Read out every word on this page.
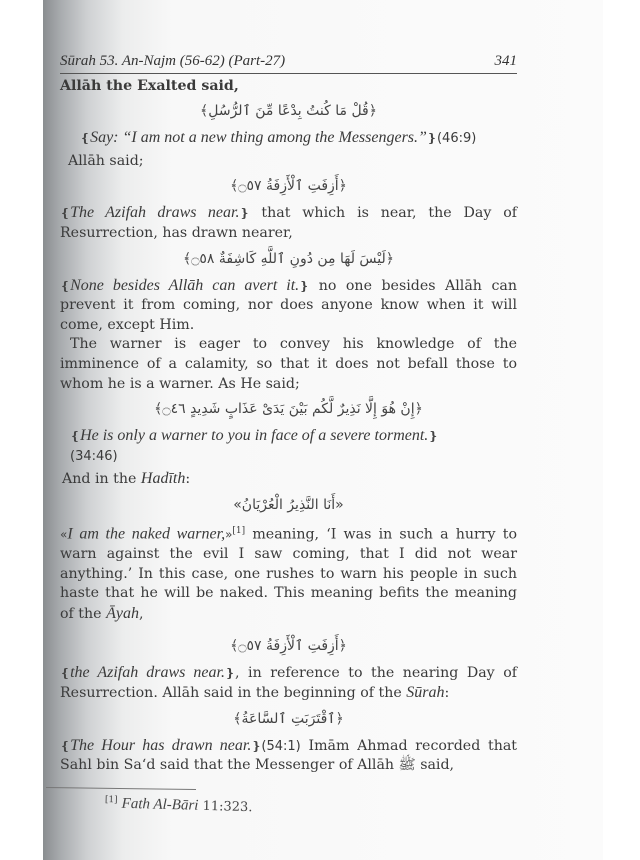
Sūrah 53. An-Najm (56-62) (Part-27)	341

Allāh the Exalted said,

﴿قُلْ مَا كُنتُ بِدْعًا مِّنَ ٱلرُّسُلِ﴾

❴Say: “I am not a new thing among the Messengers.”❵(46:9)

Allāh said;

﴿أَزِفَتِ ٱلْأَزِفَةُ ۝٥٧﴾

❴The Azifah draws near.❵ that which is near, the Day of Resurrection, has drawn nearer,

﴿لَيْسَ لَهَا مِن دُونِ ٱللَّهِ كَاشِفَةٌ ۝٥٨﴾

❴None besides Allāh can avert it.❵ no one besides Allāh can prevent it from coming, nor does anyone know when it will come, except Him.

The warner is eager to convey his knowledge of the imminence of a calamity, so that it does not befall those to whom he is a warner. As He said;

﴿إِنْ هُوَ إِلَّا نَذِيرٌ لَّكُم بَيْنَ يَدَىْ عَذَابٍ شَدِيدٍ ۝٤٦﴾

❴He is only a warner to you in face of a severe torment.❵
(34:46)

And in the Hadīth:

«أَنَا النَّذِيرُ الْعُرْيَانُ»

«I am the naked warner,»[1] meaning, ‘I was in such a hurry to warn against the evil I saw coming, that I did not wear anything.’ In this case, one rushes to warn his people in such haste that he will be naked. This meaning befits the meaning of the Āyah,

﴿أَزِفَتِ ٱلْأَزِفَةُ ۝٥٧﴾

❴the Azifah draws near.❵, in reference to the nearing Day of Resurrection. Allāh said in the beginning of the Sūrah:

﴿ٱقْتَرَبَتِ ٱلسَّاعَةُ﴾

❴The Hour has drawn near.❵(54:1) Imām Ahmad recorded that Sahl bin Sa‘d said that the Messenger of Allāh ﷺ said,

[1] Fath Al-Bāri 11:323.
